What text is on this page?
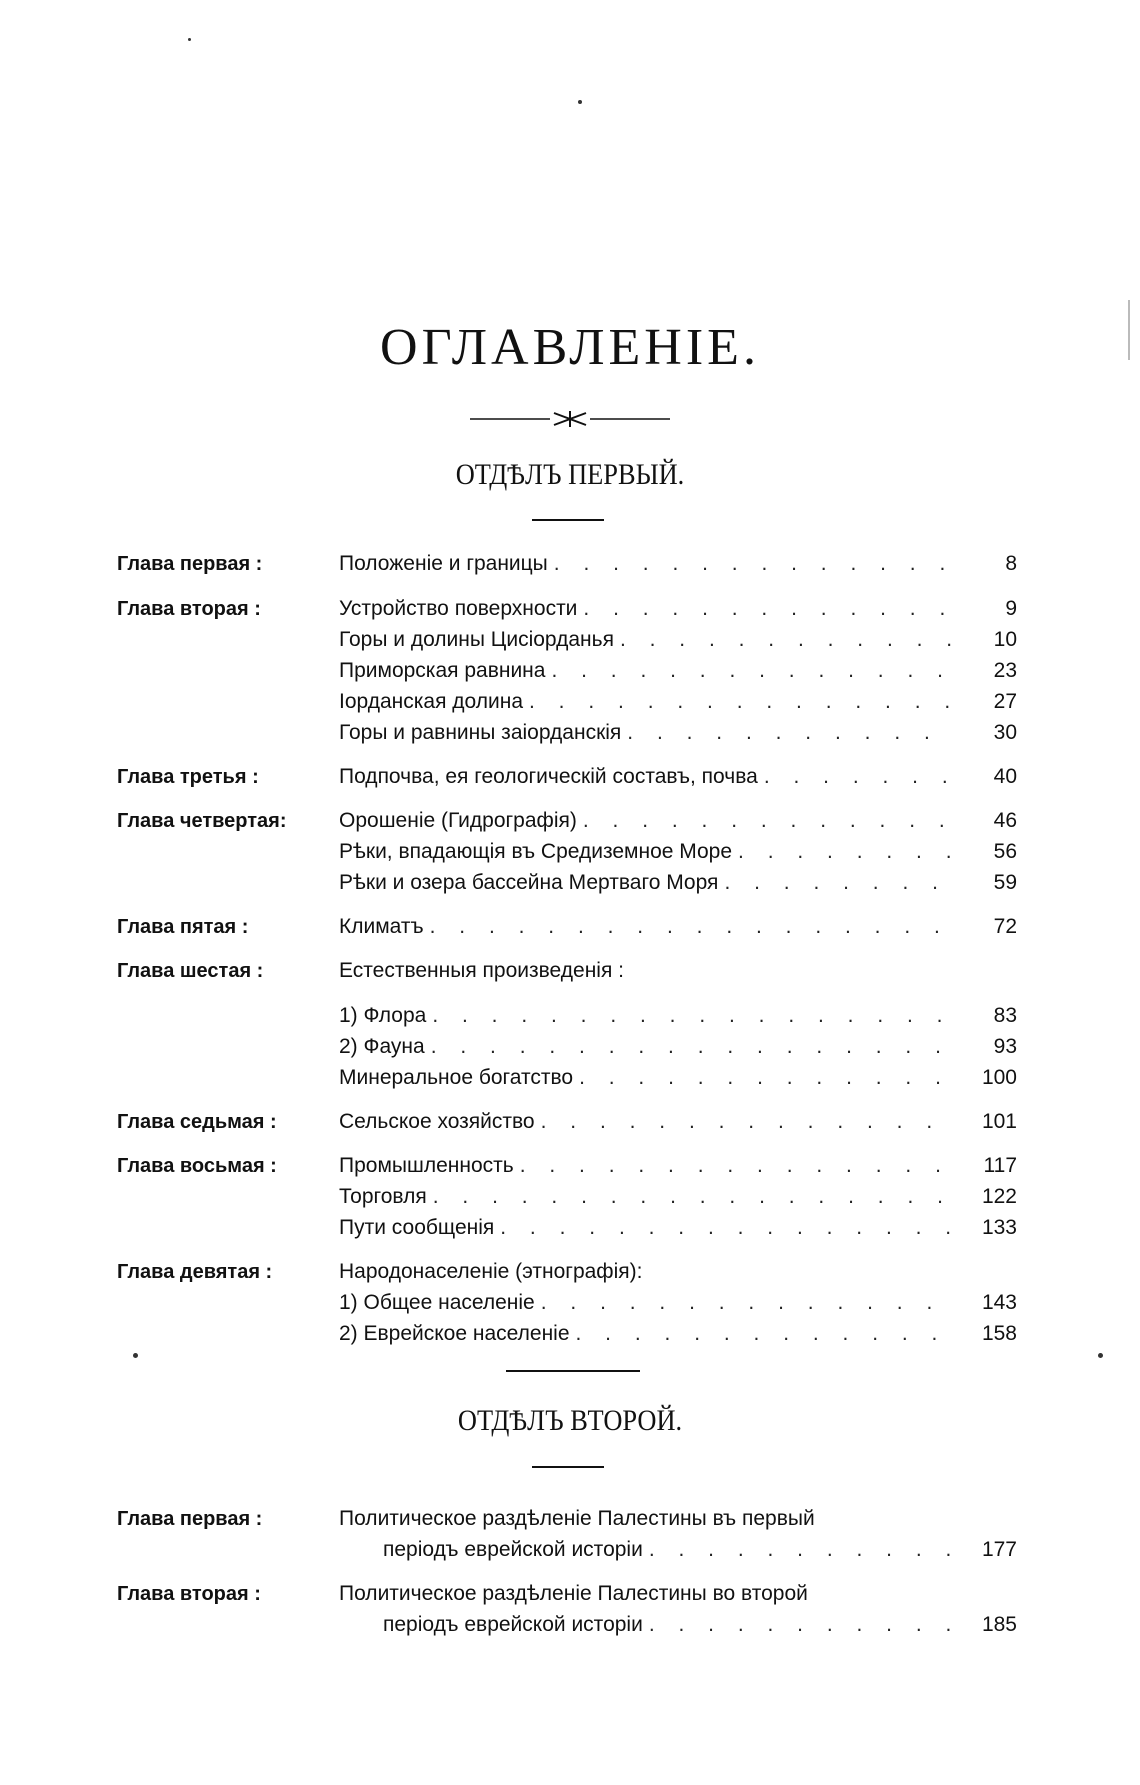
ОГЛАВЛЕНIЕ.
ОТДѢЛЪ ПЕРВЫЙ.
Глава первая :	Положенiе и границы . . .	8
Глава вторая :	Устройство поверхности . . .	9
Горы и долины Цисiорданья . . .	10
Приморская равнина . . .	23
Iорданская долина . . .	27
Горы и равнины заiорданскiя . . .	30
Глава третья :	Подпочва, ея геологическiй составъ, почва . . .	40
Глава четвертая: Орошенiе (Гидрографiя) . . .	46
Рѣки, впадающiя въ Средиземное Море . . .	56
Рѣки и озера бассейна Мертваго Моря . . .	59
Глава пятая :	Климатъ . . .	72
Глава шестая :	Естественныя произведенiя :
1) Флора . . .	83
2) Фауна . . .	93
Минеральное богатство . . .	100
Глава седьмая :	Сельское хозяйство . . .	101
Глава восьмая :	Промышленность . . .	117
Торговля . . .	122
Пути сообщенiя . . .	133
Глава девятая :	Народонаселенiе (этнографiя):
1) Общее населенiе . . .	143
2) Еврейское населенiе . . .	158
ОТДѢЛЪ ВТОРОЙ.
Глава первая :	Политическое раздѣленiе Палестины въ первый
перiодъ еврейской исторiи . . .	177
Глава вторая :	Политическое раздѣленiе Палестины во второй
перiодъ еврейской исторiи . . .	185
